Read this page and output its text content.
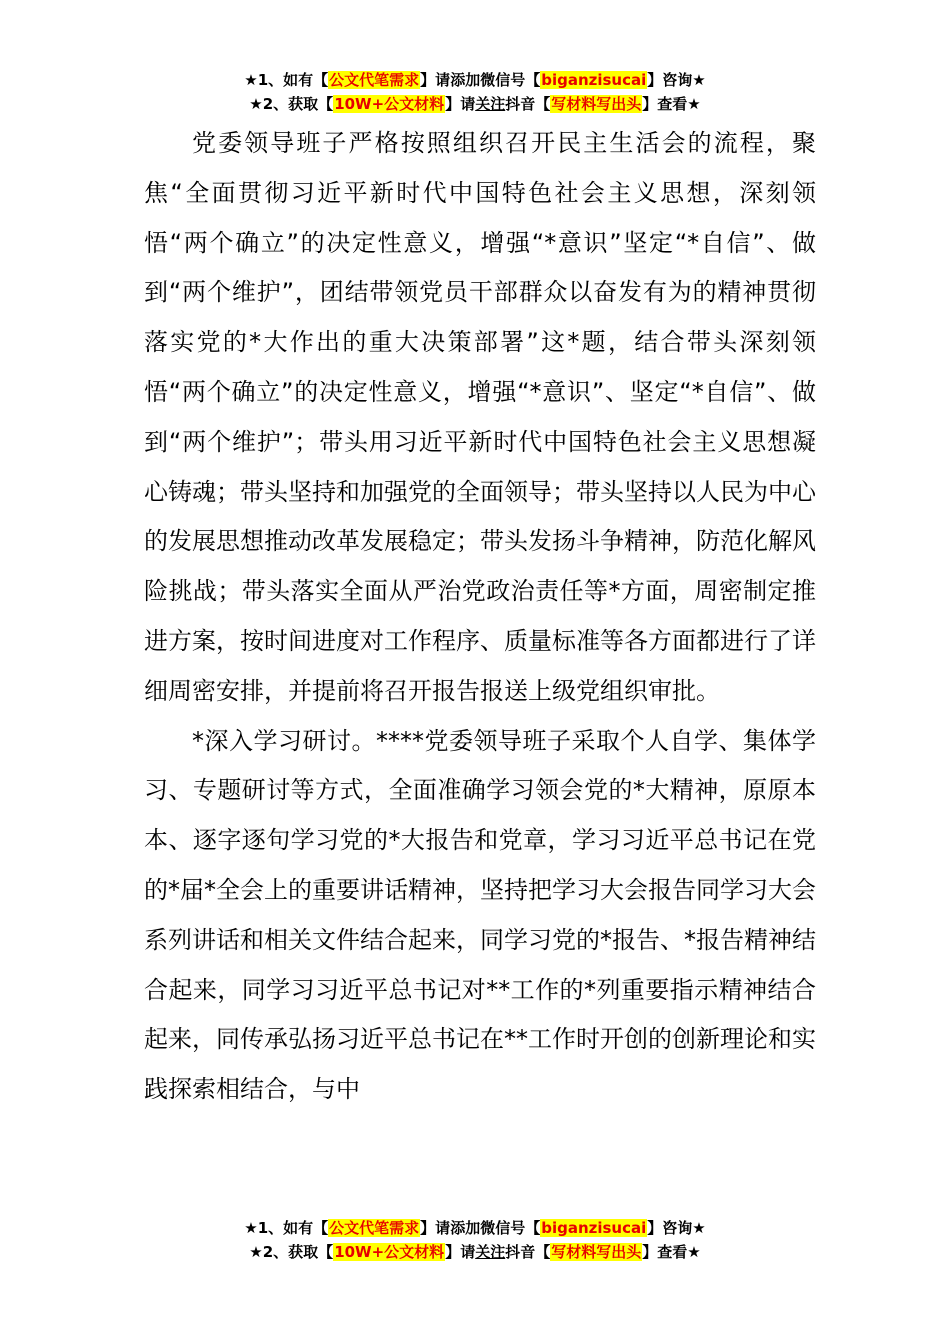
★1、如有【公文代笔需求】请添加微信号【biganzisucai】咨询★
★2、获取【10W+公文材料】请关注抖音【写材料写出头】查看★

党委领导班子严格按照组织召开民主生活会的流程，聚焦“全面贯彻习近平新时代中国特色社会主义思想，深刻领悟“两个确立”的决定性意义，增强“*意识”坚定“*自信”、做到“两个维护”，团结带领党员干部群众以奋发有为的精神贯彻落实党的*大作出的重大决策部署”这*题，结合带头深刻领悟“两个确立”的决定性意义，增强“*意识”、坚定“*自信”、做到“两个维护”；带头用习近平新时代中国特色社会主义思想凝心铸魂；带头坚持和加强党的全面领导；带头坚持以人民为中心的发展思想推动改革发展稳定；带头发扬斗争精神，防范化解风险挑战；带头落实全面从严治党政治责任等*方面，周密制定推进方案，按时间进度对工作程序、质量标准等各方面都进行了详细周密安排，并提前将召开报告报送上级党组织审批。

*深入学习研讨。****党委领导班子采取个人自学、集体学习、专题研讨等方式，全面准确学习领会党的*大精神，原原本本、逐字逐句学习党的*大报告和党章，学习习近平总书记在党的*届*全会上的重要讲话精神，坚持把学习大会报告同学习大会系列讲话和相关文件结合起来，同学习党的*报告、*报告精神结合起来，同学习习近平总书记对**工作的*列重要指示精神结合起来，同传承弘扬习近平总书记在**工作时开创的创新理论和实践探索相结合，与中

★1、如有【公文代笔需求】请添加微信号【biganzisucai】咨询★
★2、获取【10W+公文材料】请关注抖音【写材料写出头】查看★
